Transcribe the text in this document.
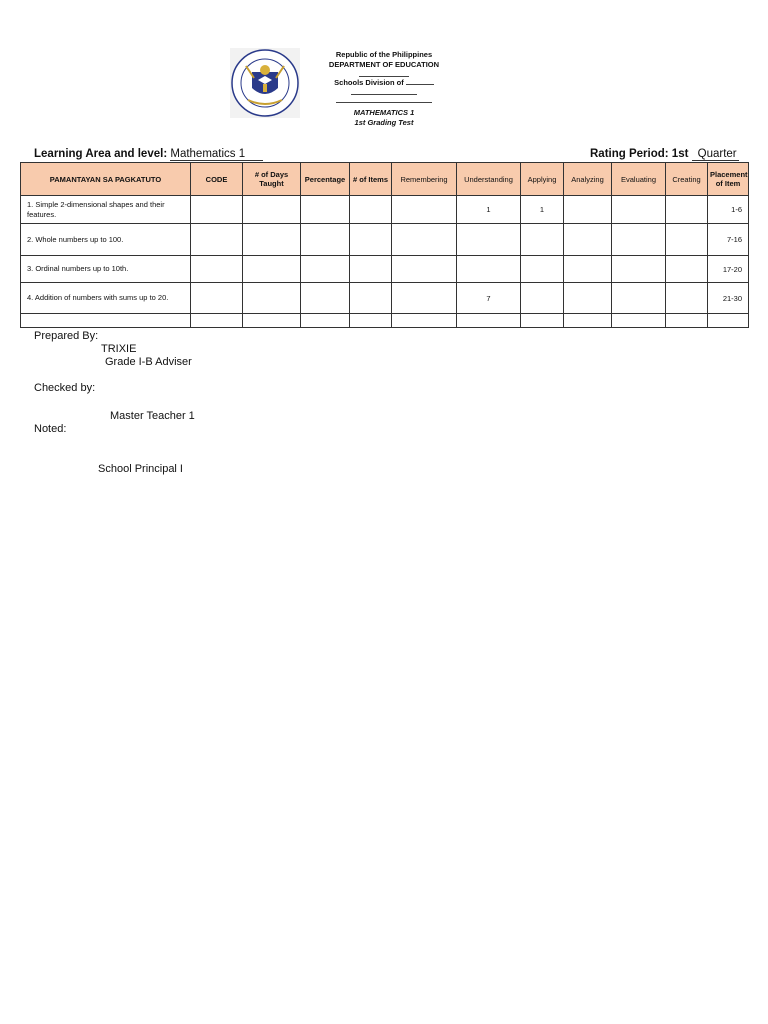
Republic of the Philippines
DEPARTMENT OF EDUCATION
Schools Division of
MATHEMATICS 1
1st Grading Test
Learning Area and level: Mathematics 1	Rating Period: 1st Quarter
PAMANTAYAN SA PAGKATUTO	CODE	# of Days Taught	Percentage	# of Items	Remembering	Understanding	Applying	Analyzing	Evaluating	Creating	Placement of Item
1. Simple 2-dimensional shapes and their features.						1	1				1-6
2. Whole numbers up to 100.											7-16
3. Ordinal numbers up to 10th.											17-20
4. Addition of numbers with sums up to 20.						7					21-30

Prepared By:
TRIXIE
Grade I-B Adviser
Checked by:
Master Teacher 1
Noted:
School Principal I
